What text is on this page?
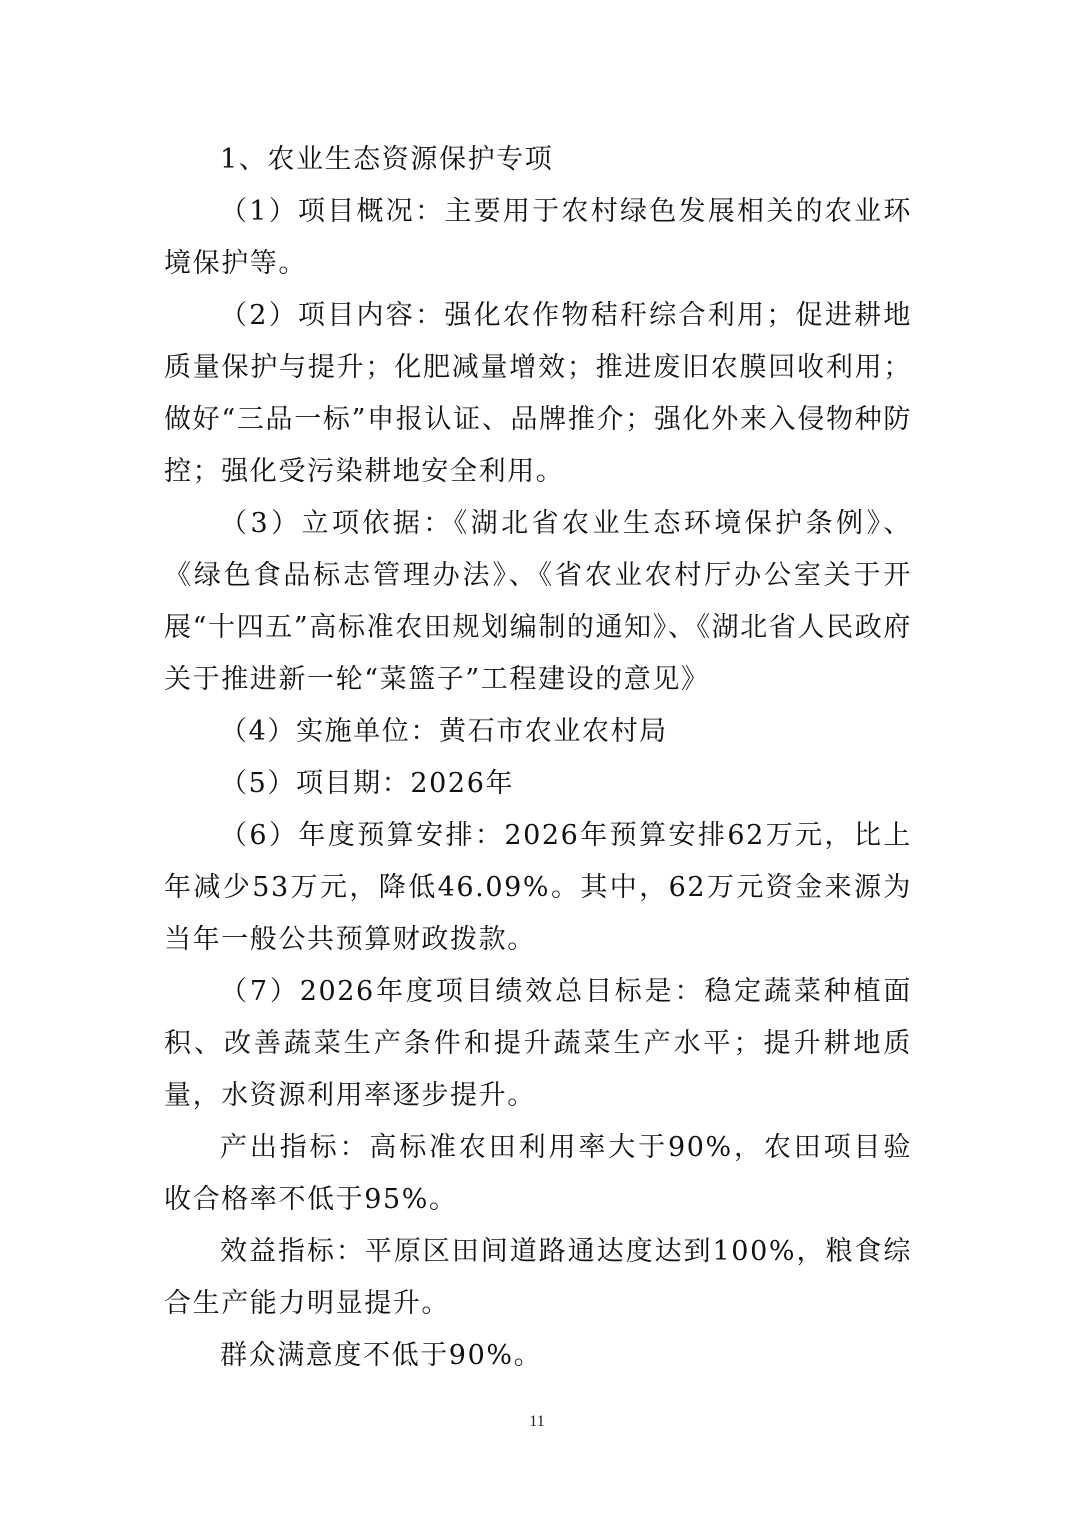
1、农业生态资源保护专项

（1）项目概况：主要用于农村绿色发展相关的农业环境保护等。

（2）项目内容：强化农作物秸秆综合利用；促进耕地质量保护与提升；化肥减量增效；推进废旧农膜回收利用；做好“三品一标”申报认证、品牌推介；强化外来入侵物种防控；强化受污染耕地安全利用。

（3）立项依据：《湖北省农业生态环境保护条例》、《绿色食品标志管理办法》、《省农业农村厅办公室关于开展“十四五”高标准农田规划编制的通知》、《湖北省人民政府关于推进新一轮“菜篮子”工程建设的意见》

（4）实施单位：黄石市农业农村局

（5）项目期：2026年

（6）年度预算安排：2026年预算安排62万元，比上年减少53万元，降低46.09%。其中，62万元资金来源为当年一般公共预算财政拨款。

（7）2026年度项目绩效总目标是：稳定蔬菜种植面积、改善蔬菜生产条件和提升蔬菜生产水平；提升耕地质量，水资源利用率逐步提升。

产出指标：高标准农田利用率大于90%，农田项目验收合格率不低于95%。

效益指标：平原区田间道路通达度达到100%，粮食综合生产能力明显提升。

群众满意度不低于90%。

11
